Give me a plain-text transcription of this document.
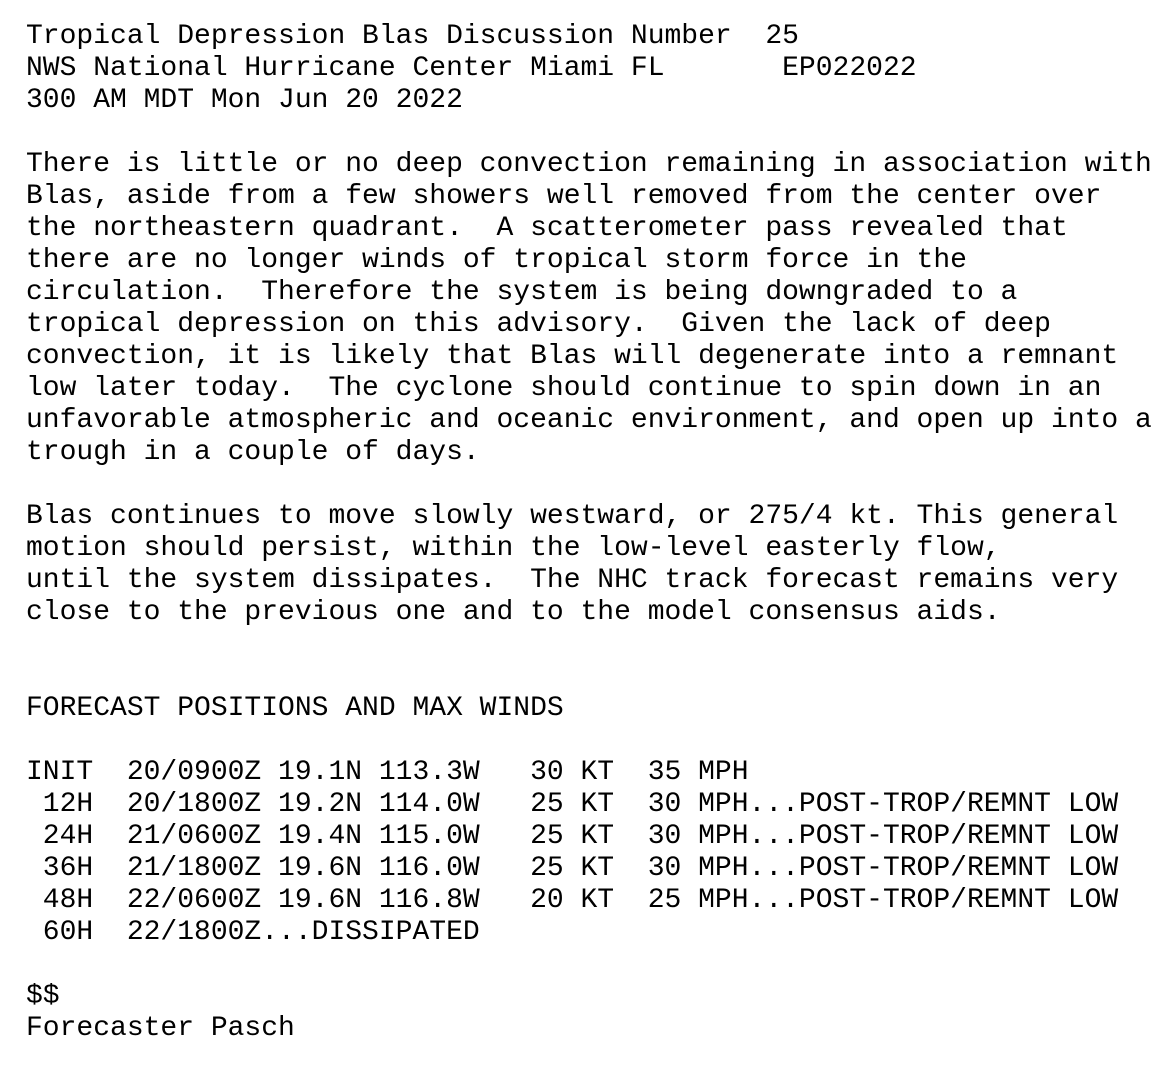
Tropical Depression Blas Discussion Number  25
NWS National Hurricane Center Miami FL       EP022022
300 AM MDT Mon Jun 20 2022
There is little or no deep convection remaining in association with
Blas, aside from a few showers well removed from the center over
the northeastern quadrant.  A scatterometer pass revealed that
there are no longer winds of tropical storm force in the
circulation.  Therefore the system is being downgraded to a
tropical depression on this advisory.  Given the lack of deep
convection, it is likely that Blas will degenerate into a remnant
low later today.  The cyclone should continue to spin down in an
unfavorable atmospheric and oceanic environment, and open up into a
trough in a couple of days.
Blas continues to move slowly westward, or 275/4 kt. This general
motion should persist, within the low-level easterly flow,
until the system dissipates.  The NHC track forecast remains very
close to the previous one and to the model consensus aids.
FORECAST POSITIONS AND MAX WINDS
INIT  20/0900Z 19.1N 113.3W   30 KT  35 MPH
12H  20/1800Z 19.2N 114.0W   25 KT  30 MPH...POST-TROP/REMNT LOW
24H  21/0600Z 19.4N 115.0W   25 KT  30 MPH...POST-TROP/REMNT LOW
36H  21/1800Z 19.6N 116.0W   25 KT  30 MPH...POST-TROP/REMNT LOW
48H  22/0600Z 19.6N 116.8W   20 KT  25 MPH...POST-TROP/REMNT LOW
60H  22/1800Z...DISSIPATED
$$
Forecaster Pasch
